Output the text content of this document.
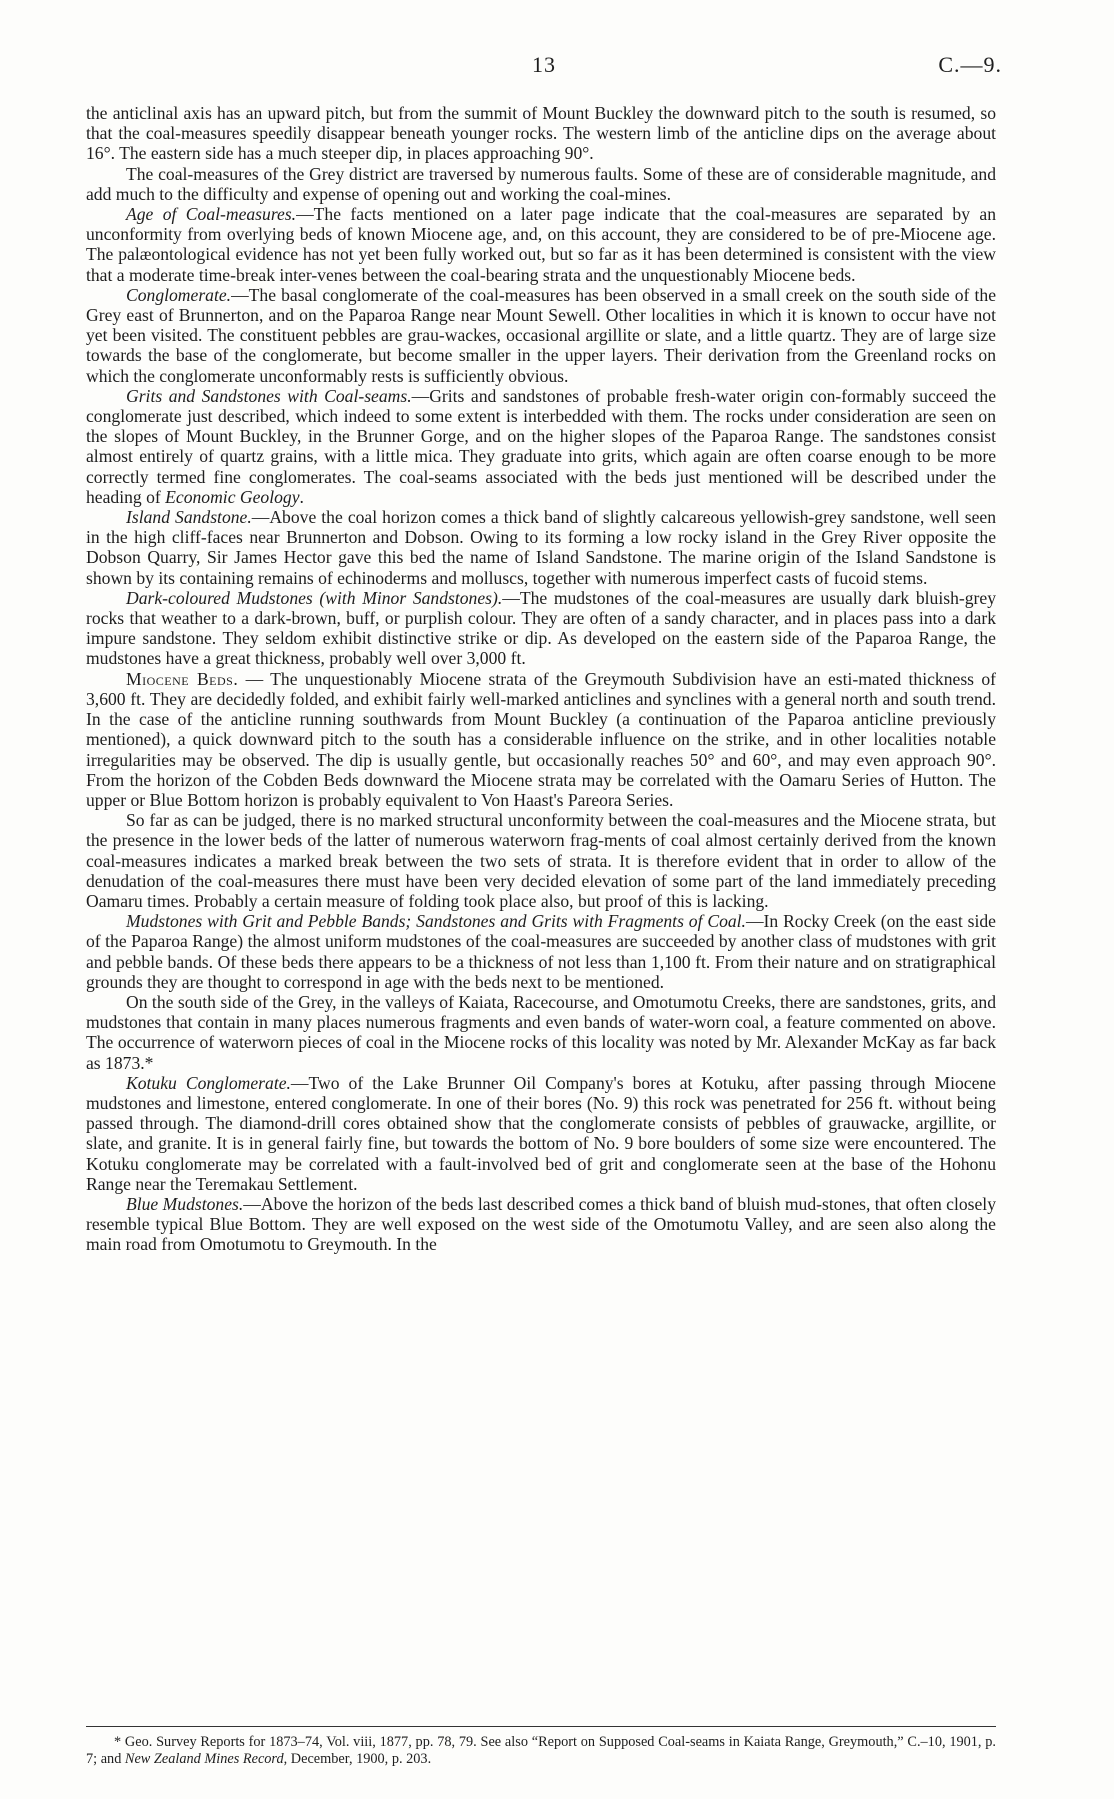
13	C.—9.

the anticlinal axis has an upward pitch, but from the summit of Mount Buckley the downward pitch to the south is resumed, so that the coal-measures speedily disappear beneath younger rocks. The western limb of the anticline dips on the average about 16°. The eastern side has a much steeper dip, in places approaching 90°.

The coal-measures of the Grey district are traversed by numerous faults. Some of these are of considerable magnitude, and add much to the difficulty and expense of opening out and working the coal-mines.

Age of Coal-measures.—The facts mentioned on a later page indicate that the coal-measures are separated by an unconformity from overlying beds of known Miocene age, and, on this account, they are considered to be of pre-Miocene age. The palæontological evidence has not yet been fully worked out, but so far as it has been determined is consistent with the view that a moderate time-break inter-venes between the coal-bearing strata and the unquestionably Miocene beds.

Conglomerate.—The basal conglomerate of the coal-measures has been observed in a small creek on the south side of the Grey east of Brunnerton, and on the Paparoa Range near Mount Sewell. Other localities in which it is known to occur have not yet been visited. The constituent pebbles are grau-wackes, occasional argillite or slate, and a little quartz. They are of large size towards the base of the conglomerate, but become smaller in the upper layers. Their derivation from the Greenland rocks on which the conglomerate unconformably rests is sufficiently obvious.

Grits and Sandstones with Coal-seams.—Grits and sandstones of probable fresh-water origin con-formably succeed the conglomerate just described, which indeed to some extent is interbedded with them. The rocks under consideration are seen on the slopes of Mount Buckley, in the Brunner Gorge, and on the higher slopes of the Paparoa Range. The sandstones consist almost entirely of quartz grains, with a little mica. They graduate into grits, which again are often coarse enough to be more correctly termed fine conglomerates. The coal-seams associated with the beds just mentioned will be described under the heading of Economic Geology.

Island Sandstone.—Above the coal horizon comes a thick band of slightly calcareous yellowish-grey sandstone, well seen in the high cliff-faces near Brunnerton and Dobson. Owing to its forming a low rocky island in the Grey River opposite the Dobson Quarry, Sir James Hector gave this bed the name of Island Sandstone. The marine origin of the Island Sandstone is shown by its containing remains of echinoderms and molluscs, together with numerous imperfect casts of fucoid stems.

Dark-coloured Mudstones (with Minor Sandstones).—The mudstones of the coal-measures are usually dark bluish-grey rocks that weather to a dark-brown, buff, or purplish colour. They are often of a sandy character, and in places pass into a dark impure sandstone. They seldom exhibit distinctive strike or dip. As developed on the eastern side of the Paparoa Range, the mudstones have a great thickness, probably well over 3,000 ft.

Miocene Beds. — The unquestionably Miocene strata of the Greymouth Subdivision have an esti-mated thickness of 3,600 ft. They are decidedly folded, and exhibit fairly well-marked anticlines and synclines with a general north and south trend. In the case of the anticline running southwards from Mount Buckley (a continuation of the Paparoa anticline previously mentioned), a quick downward pitch to the south has a considerable influence on the strike, and in other localities notable irregularities may be observed. The dip is usually gentle, but occasionally reaches 50° and 60°, and may even approach 90°. From the horizon of the Cobden Beds downward the Miocene strata may be correlated with the Oamaru Series of Hutton. The upper or Blue Bottom horizon is probably equivalent to Von Haast's Pareora Series.

So far as can be judged, there is no marked structural unconformity between the coal-measures and the Miocene strata, but the presence in the lower beds of the latter of numerous waterworn frag-ments of coal almost certainly derived from the known coal-measures indicates a marked break between the two sets of strata. It is therefore evident that in order to allow of the denudation of the coal-measures there must have been very decided elevation of some part of the land immediately preceding Oamaru times. Probably a certain measure of folding took place also, but proof of this is lacking.

Mudstones with Grit and Pebble Bands; Sandstones and Grits with Fragments of Coal.—In Rocky Creek (on the east side of the Paparoa Range) the almost uniform mudstones of the coal-measures are succeeded by another class of mudstones with grit and pebble bands. Of these beds there appears to be a thickness of not less than 1,100 ft. From their nature and on stratigraphical grounds they are thought to correspond in age with the beds next to be mentioned.

On the south side of the Grey, in the valleys of Kaiata, Racecourse, and Omotumotu Creeks, there are sandstones, grits, and mudstones that contain in many places numerous fragments and even bands of water-worn coal, a feature commented on above. The occurrence of waterworn pieces of coal in the Miocene rocks of this locality was noted by Mr. Alexander McKay as far back as 1873.*

Kotuku Conglomerate.—Two of the Lake Brunner Oil Company's bores at Kotuku, after passing through Miocene mudstones and limestone, entered conglomerate. In one of their bores (No. 9) this rock was penetrated for 256 ft. without being passed through. The diamond-drill cores obtained show that the conglomerate consists of pebbles of grauwacke, argillite, or slate, and granite. It is in general fairly fine, but towards the bottom of No. 9 bore boulders of some size were encountered. The Kotuku conglomerate may be correlated with a fault-involved bed of grit and conglomerate seen at the base of the Hohonu Range near the Teremakau Settlement.

Blue Mudstones.—Above the horizon of the beds last described comes a thick band of bluish mud-stones, that often closely resemble typical Blue Bottom. They are well exposed on the west side of the Omotumotu Valley, and are seen also along the main road from Omotumotu to Greymouth. In the

* Geo. Survey Reports for 1873–74, Vol. viii, 1877, pp. 78, 79. See also “Report on Supposed Coal-seams in Kaiata Range, Greymouth,” C.–10, 1901, p. 7; and New Zealand Mines Record, December, 1900, p. 203.
